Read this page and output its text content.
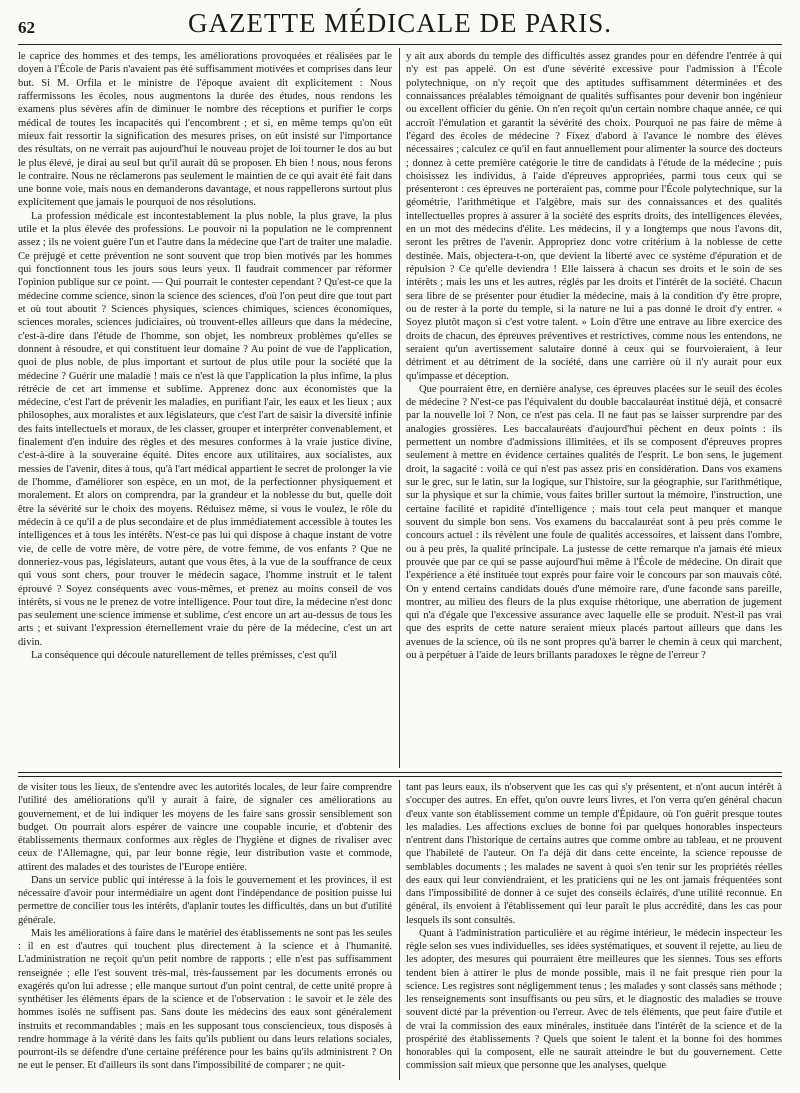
62	GAZETTE MÉDICALE DE PARIS.

le caprice des hommes et des temps, les améliorations provoquées et réalisées par le doyen à l'École de Paris n'avaient pas été suffisamment motivées et comprises dans leur but. Si M. Orfila et le ministre de l'époque avaient dit explicitement : Nous raffermissons les écoles, nous augmentons la durée des études, nous rendons les examens plus sévères afin de diminuer le nombre des réceptions et purifier le corps médical de toutes les incapacités qui l'encombrent ; et si, en même temps qu'on eût mieux fait ressortir la signification des mesures prises, on eût insisté sur l'importance des résultats, on ne verrait pas aujourd'hui le nouveau projet de loi tourner le dos au but le plus élevé, je dirai au seul but qu'il aurait dû se proposer. Eh bien ! nous, nous ferons le contraire. Nous ne réclamerons pas seulement le maintien de ce qui avait été fait dans une bonne voie, mais nous en demanderons davantage, et nous rappellerons surtout plus explicitement que jamais le pourquoi de nos résolutions.

La profession médicale est incontestablement la plus noble, la plus grave, la plus utile et la plus élevée des professions. Le pouvoir ni la population ne le comprennent assez ; ils ne voient guère l'un et l'autre dans la médecine que l'art de traiter une maladie. Ce préjugé et cette prévention ne sont souvent que trop bien motivés par les hommes qui fonctionnent tous les jours sous leurs yeux. Il faudrait commencer par réformer l'opinion publique sur ce point. — Qui pourrait le contester cependant ? Qu'est-ce que la médecine comme science, sinon la science des sciences, d'où l'on peut dire que tout part et où tout aboutit ? Sciences physiques, sciences chimiques, sciences économiques, sciences morales, sciences judiciaires, où trouvent-elles ailleurs que dans la médecine, c'est-à-dire dans l'étude de l'homme, son objet, les nombreux problèmes qu'elles se donnent à résoudre, et qui constituent leur domaine ? Au point de vue de l'application, quoi de plus noble, de plus important et surtout de plus utile pour la société que la médecine ? Guérir une maladie ! mais ce n'est là que l'application la plus infime, la plus rétrécie de cet art immense et sublime. Apprenez donc aux économistes que la médecine, c'est l'art de prévenir les maladies, en purifiant l'air, les eaux et les lieux ; aux philosophes, aux moralistes et aux législateurs, que c'est l'art de saisir la diversité infinie des faits intellectuels et moraux, de les classer, grouper et interpréter convenablement, et finalement d'en induire des règles et des mesures conformes à la vraie justice divine, c'est-à-dire à la souveraine équité. Dites encore aux utilitaires, aux socialistes, aux messies de l'avenir, dites à tous, qu'à l'art médical appartient le secret de prolonger la vie de l'homme, d'améliorer son espèce, en un mot, de la perfectionner physiquement et moralement. Et alors on comprendra, par la grandeur et la noblesse du but, quelle doit être la sévérité sur le choix des moyens. Réduisez même, si vous le voulez, le rôle du médecin à ce qu'il a de plus secondaire et de plus immédiatement accessible à toutes les intelligences et à tous les intérêts. N'est-ce pas lui qui dispose à chaque instant de votre vie, de celle de votre mère, de votre père, de votre femme, de vos enfants ? Que ne donneriez-vous pas, législateurs, autant que vous êtes, à la vue de la souffrance de ceux qui vous sont chers, pour trouver le médecin sagace, l'homme instruit et le talent éprouvé ? Soyez conséquents avec vous-mêmes, et prenez au moins conseil de vos intérêts, si vous ne le prenez de votre intelligence. Pour tout dire, la médecine n'est donc pas seulement une science immense et sublime, c'est encore un art au-dessus de tous les arts ; et suivant l'expression éternellement vraie du père de la médecine, c'est un art divin.

La conséquence qui découle naturellement de telles prémisses, c'est qu'il

y ait aux abords du temple des difficultés assez grandes pour en défendre l'entrée à qui n'y est pas appelé. On est d'une sévérité excessive pour l'admission à l'École polytechnique, on n'y reçoit que des aptitudes suffisamment déterminées et des connaissances préalables témoignant de qualités suffisantes pour devenir bon ingénieur ou excellent officier du génie. On n'en reçoit qu'un certain nombre chaque année, ce qui accroît l'émulation et garantit la sévérité des choix. Pourquoi ne pas faire de même à l'égard des écoles de médecine ? Fixez d'abord à l'avance le nombre des élèves nécessaires ; calculez ce qu'il en faut annuellement pour alimenter la source des docteurs ; donnez à cette première catégorie le titre de candidats à l'étude de la médecine ; puis choisissez les individus, à l'aide d'épreuves appropriées, parmi tous ceux qui se présenteront : ces épreuves ne porteraient pas, comme pour l'École polytechnique, sur la géométrie, l'arithmétique et l'algèbre, mais sur des connaissances et des qualités intellectuelles propres à assurer à la société des esprits droits, des intelligences élevées, en un mot des médecins d'élite. Les médecins, il y a longtemps que nous l'avons dit, seront les prêtres de l'avenir. Appropriez donc votre critérium à la noblesse de cette destinée. Mais, objectera-t-on, que devient la liberté avec ce système d'épuration et de répulsion ? Ce qu'elle deviendra ! Elle laissera à chacun ses droits et le soin de ses intérêts ; mais les uns et les autres, réglés par les droits et l'intérêt de la société. Chacun sera libre de se présenter pour étudier la médecine, mais à la condition d'y être propre, ou de rester à la porte du temple, si la nature ne lui a pas donné le droit d'y entrer. « Soyez plutôt maçon si c'est votre talent. » Loin d'être une entrave au libre exercice des droits de chacun, des épreuves préventives et restrictives, comme nous les entendons, ne seraient qu'un avertissement salutaire donné à ceux qui se fourvoieraient, à leur détriment et au détriment de la société, dans une carrière où il n'y aurait pour eux qu'impasse et déception.

Que pourraient être, en dernière analyse, ces épreuves placées sur le seuil des écoles de médecine ? N'est-ce pas l'équivalent du double baccalauréat institué déjà, et consacré par la nouvelle loi ? Non, ce n'est pas cela. Il ne faut pas se laisser surprendre par des analogies grossières. Les baccalauréats d'aujourd'hui pèchent en deux points : ils permettent un nombre d'admissions illimitées, et ils se composent d'épreuves propres seulement à mettre en évidence certaines qualités de l'esprit. Le bon sens, le jugement droit, la sagacité : voilà ce qui n'est pas assez pris en considération. Dans vos examens sur le grec, sur le latin, sur la logique, sur l'histoire, sur la géographie, sur l'arithmétique, sur la physique et sur la chimie, vous faites briller surtout la mémoire, l'instruction, une certaine facilité et rapidité d'intelligence ; mais tout cela peut manquer et manque souvent du simple bon sens. Vos examens du baccalauréat sont à peu près comme le concours actuel : ils révèlent une foule de qualités accessoires, et laissent dans l'ombre, ou à peu près, la qualité principale. La justesse de cette remarque n'a jamais été mieux prouvée que par ce qui se passe aujourd'hui même à l'École de médecine. On dirait que l'expérience a été instituée tout exprès pour faire voir le concours par son mauvais côté. On y entend certains candidats doués d'une mémoire rare, d'une faconde sans pareille, montrer, au milieu des fleurs de la plus exquise rhétorique, une aberration de jugement qui n'a d'égale que l'excessive assurance avec laquelle elle se produit. N'est-il pas vrai que des esprits de cette nature seraient mieux placés partout ailleurs que dans les avenues de la science, où ils ne sont propres qu'à barrer le chemin à ceux qui marchent, ou à perpétuer à l'aide de leurs brillants paradoxes le règne de l'erreur ?

de visiter tous les lieux, de s'entendre avec les autorités locales, de leur faire comprendre l'utilité des améliorations qu'il y aurait à faire, de signaler ces améliorations au gouvernement, et de lui indiquer les moyens de les faire sans grossir sensiblement son budget. On pourrait alors espérer de vaincre une coupable incurie, et d'obtenir des établissements thermaux conformes aux règles de l'hygiène et dignes de rivaliser avec ceux de l'Allemagne, qui, par leur bonne régie, leur distribution vaste et commode, attirent des malades et des touristes de l'Europe entière.

Dans un service public qui intéresse à la fois le gouvernement et les provinces, il est nécessaire d'avoir pour intermédiaire un agent dont l'indépendance de position puisse lui permettre de concilier tous les intérêts, d'aplanir toutes les difficultés, dans un but d'utilité générale.

Mais les améliorations à faire dans le matériel des établissements ne sont pas les seules : il en est d'autres qui touchent plus directement à la science et à l'humanité. L'administration ne reçoit qu'un petit nombre de rapports ; elle n'est pas suffisamment renseignée ; elle l'est souvent très-mal, très-faussement par les documents erronés ou exagérés qu'on lui adresse ; elle manque surtout d'un point central, de cette unité propre à synthétiser les éléments épars de la science et de l'observation : le savoir et le zèle des hommes isolés ne suffisent pas. Sans doute les médecins des eaux sont généralement instruits et recommandables ; mais en les supposant tous consciencieux, tous disposés à rendre hommage à la vérité dans les faits qu'ils publient ou dans leurs relations sociales, pourront-ils se défendre d'une certaine préférence pour les bains qu'ils administrent ? On ne eut le penser. Et d'ailleurs ils sont dans l'impossibilité de comparer ; ne quit-

tant pas leurs eaux, ils n'observent que les cas qui s'y présentent, et n'ont aucun intérêt à s'occuper des autres. En effet, qu'on ouvre leurs livres, et l'on verra qu'en général chacun d'eux vante son établissement comme un temple d'Épidaure, où l'on guérit presque toutes les maladies. Les affections exclues de bonne foi par quelques honorables inspecteurs n'entrent dans l'historique de certains autres que comme ombre au tableau, et ne prouvent que l'habileté de l'auteur. On l'a déjà dit dans cette enceinte, la science repousse de semblables documents ; les malades ne savent à quoi s'en tenir sur les propriétés réelles des eaux qui leur conviendraient, et les praticiens qui ne les ont jamais fréquentées sont dans l'impossibilité de donner à ce sujet des conseils éclairés, d'une utilité reconnue. En général, ils envoient à l'établissement qui leur paraît le plus accrédité, dans les cas pour lesquels ils sont consultés.

Quant à l'administration particulière et au régime intérieur, le médecin inspecteur les règle selon ses vues individuelles, ses idées systématiques, et souvent il rejette, au lieu de les adopter, des mesures qui pourraient être meilleures que les siennes. Tous ses efforts tendent bien à attirer le plus de monde possible, mais il ne fait presque rien pour la science. Les registres sont négligemment tenus ; les malades y sont classés sans méthode ; les renseignements sont insuffisants ou peu sûrs, et le diagnostic des maladies se trouve souvent dicté par la prévention ou l'erreur. Avec de tels éléments, que peut faire d'utile et de vrai la commission des eaux minérales, instituée dans l'intérêt de la science et de la prospérité des établissements ? Quels que soient le talent et la bonne foi des hommes honorables qui la composent, elle ne saurait atteindre le but du gouvernement. Cette commission sait mieux que personne que les analyses, quelque
